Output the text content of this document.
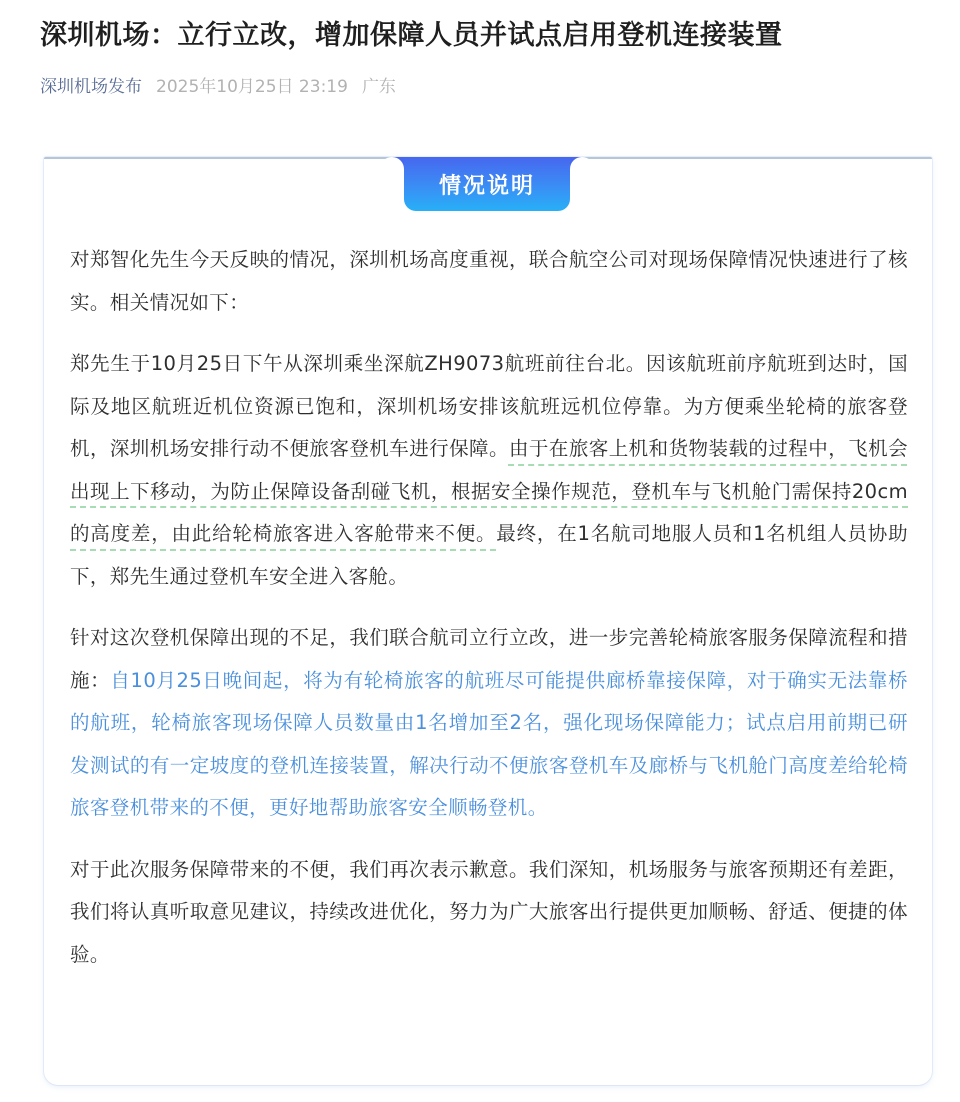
深圳机场：立行立改，增加保障人员并试点启用登机连接装置
深圳机场发布 2025年10月25日 23:19 广东
情况说明

对郑智化先生今天反映的情况，深圳机场高度重视，联合航空公司对现场保障情况快速进行了核实。相关情况如下：

郑先生于10月25日下午从深圳乘坐深航ZH9073航班前往台北。因该航班前序航班到达时，国际及地区航班近机位资源已饱和，深圳机场安排该航班远机位停靠。为方便乘坐轮椅的旅客登机，深圳机场安排行动不便旅客登机车进行保障。由于在旅客上机和货物装载的过程中，飞机会出现上下移动，为防止保障设备刮碰飞机，根据安全操作规范，登机车与飞机舱门需保持20cm的高度差，由此给轮椅旅客进入客舱带来不便。最终，在1名航司地服人员和1名机组人员协助下，郑先生通过登机车安全进入客舱。

针对这次登机保障出现的不足，我们联合航司立行立改，进一步完善轮椅旅客服务保障流程和措施：自10月25日晚间起，将为有轮椅旅客的航班尽可能提供廊桥靠接保障，对于确实无法靠桥的航班，轮椅旅客现场保障人员数量由1名增加至2名，强化现场保障能力；试点启用前期已研发测试的有一定坡度的登机连接装置，解决行动不便旅客登机车及廊桥与飞机舱门高度差给轮椅旅客登机带来的不便，更好地帮助旅客安全顺畅登机。

对于此次服务保障带来的不便，我们再次表示歉意。我们深知，机场服务与旅客预期还有差距，我们将认真听取意见建议，持续改进优化，努力为广大旅客出行提供更加顺畅、舒适、便捷的体验。
